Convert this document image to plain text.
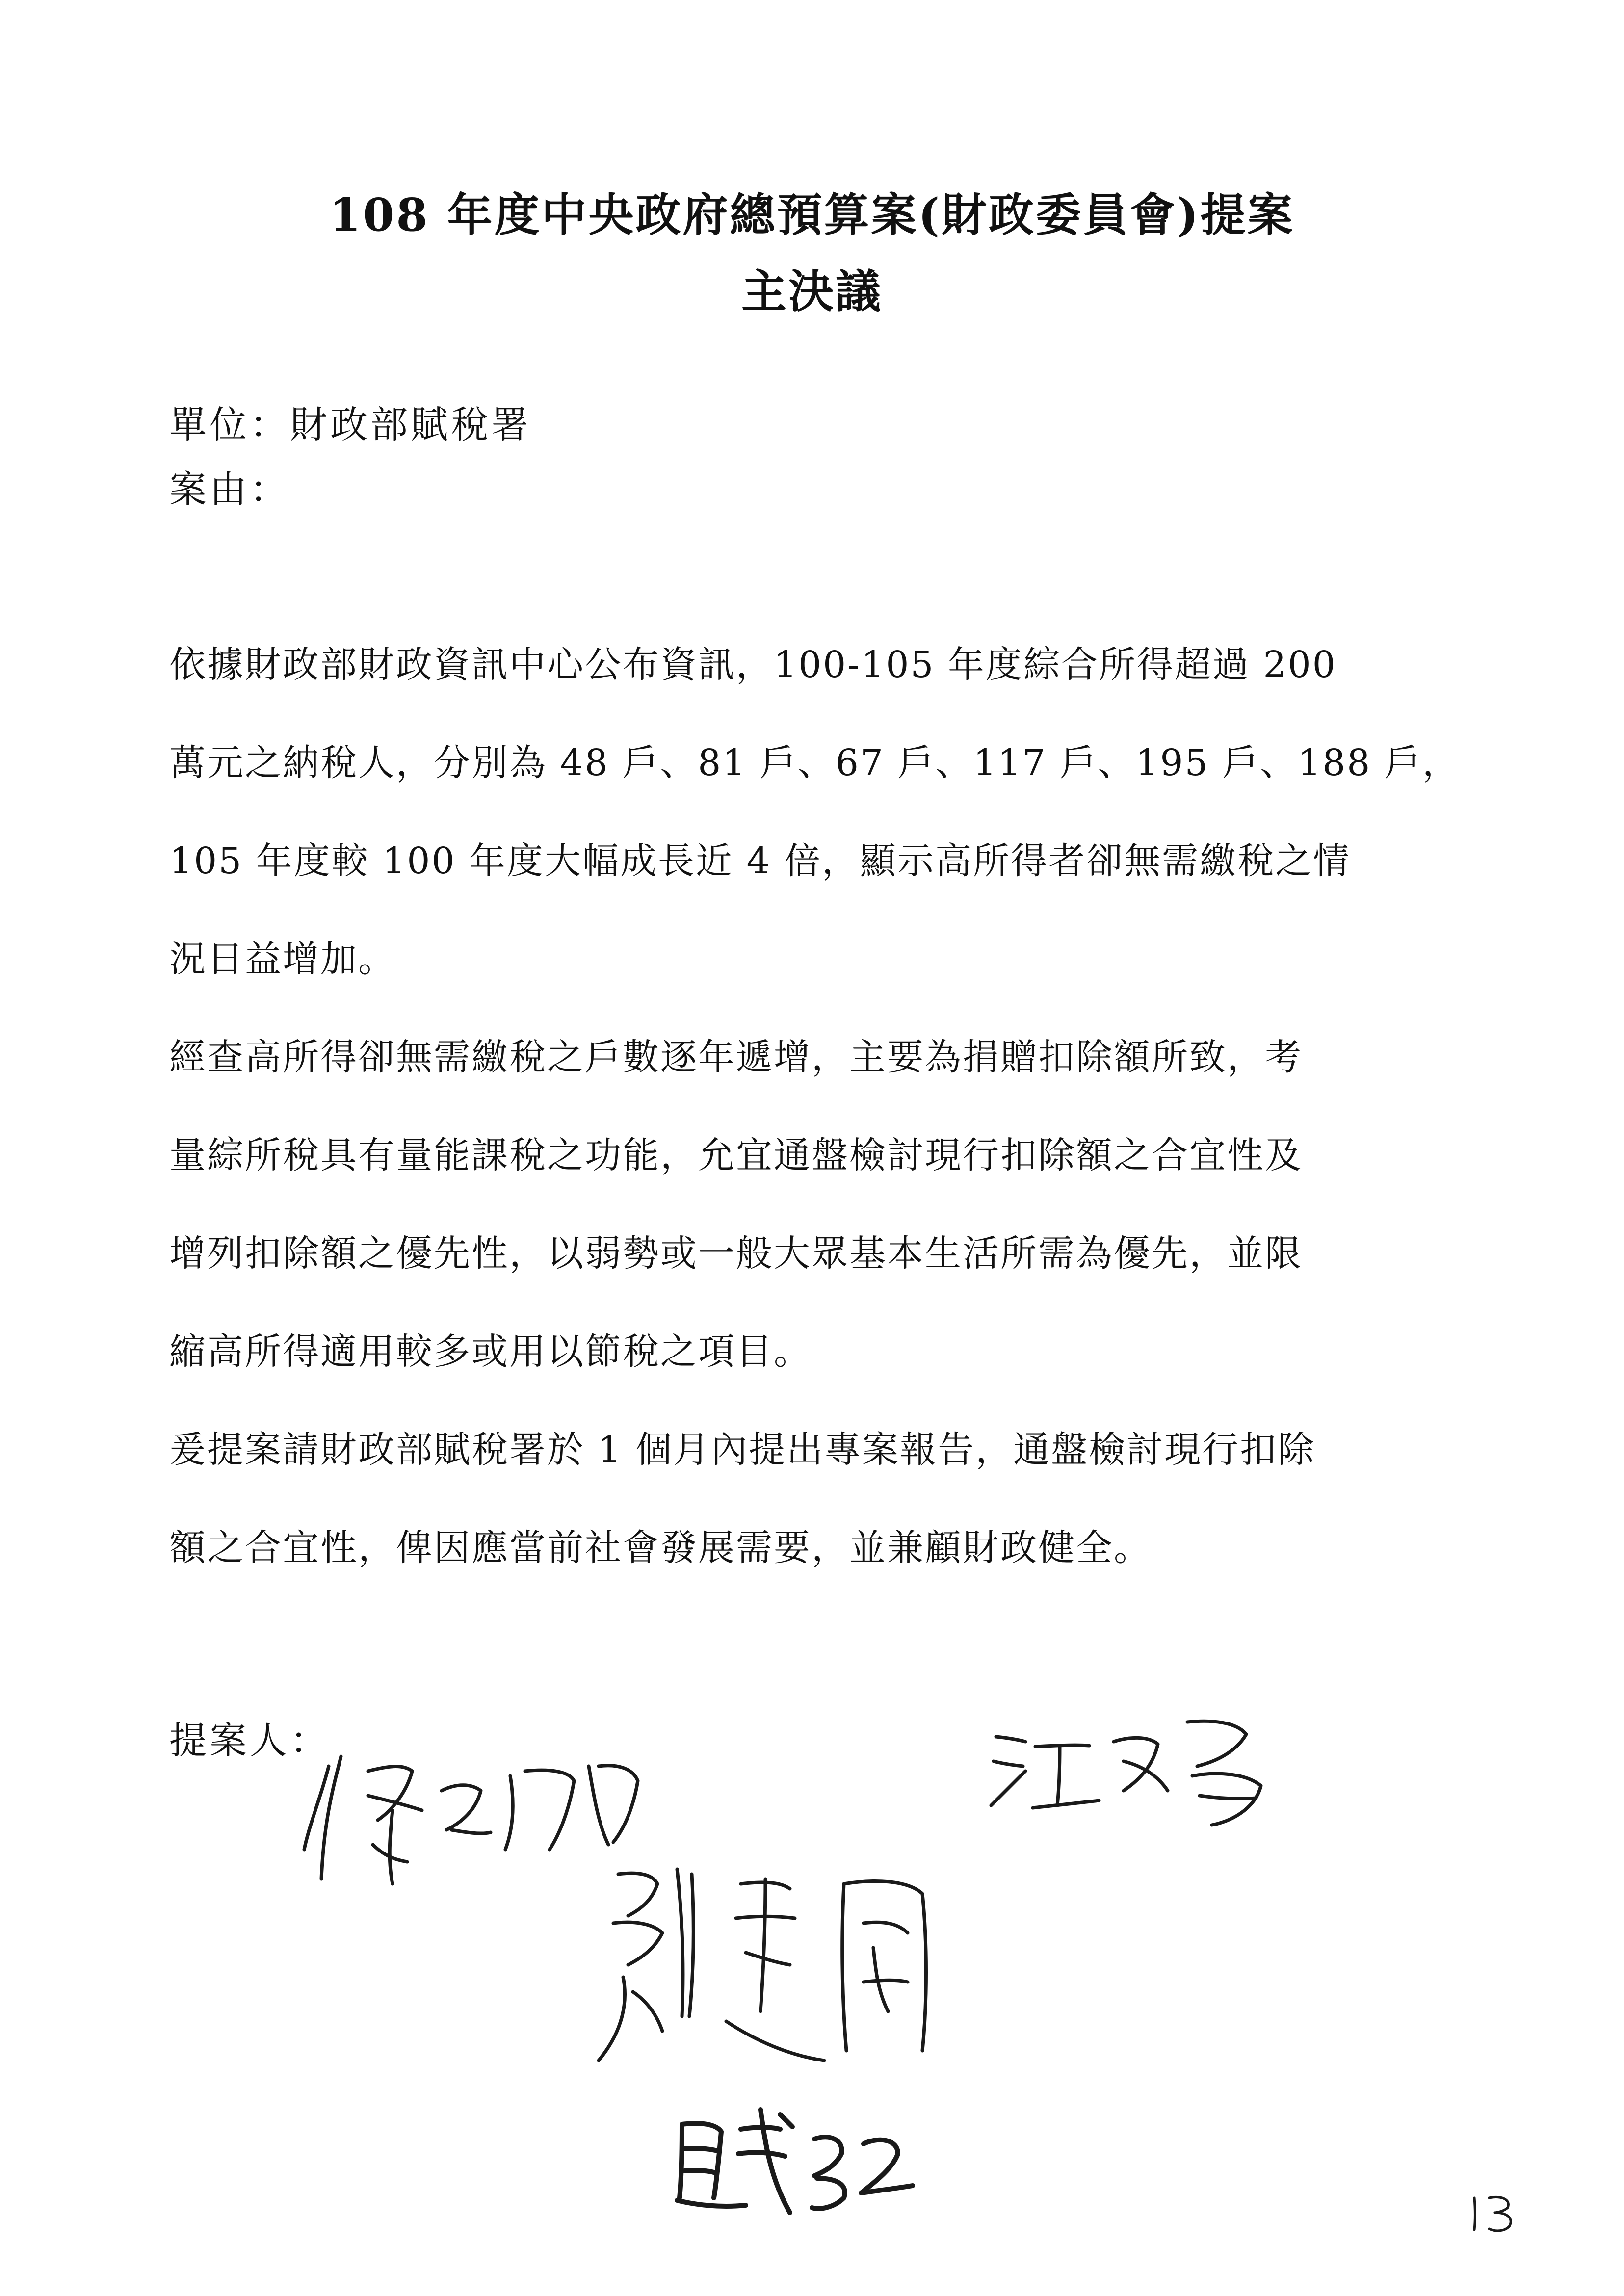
108 年度中央政府總預算案(財政委員會)提案
主決議
單位：財政部賦稅署
案由：
依據財政部財政資訊中心公布資訊，100-105 年度綜合所得超過 200
萬元之納稅人，分別為 48 戶、81 戶、67 戶、117 戶、195 戶、188 戶，
105 年度較 100 年度大幅成長近 4 倍，顯示高所得者卻無需繳稅之情
況日益增加。
經查高所得卻無需繳稅之戶數逐年遞增，主要為捐贈扣除額所致，考
量綜所稅具有量能課稅之功能，允宜通盤檢討現行扣除額之合宜性及
增列扣除額之優先性，以弱勢或一般大眾基本生活所需為優先，並限
縮高所得適用較多或用以節稅之項目。
爰提案請財政部賦稅署於 1 個月內提出專案報告，通盤檢討現行扣除
額之合宜性，俾因應當前社會發展需要，並兼顧財政健全。
提案人：
